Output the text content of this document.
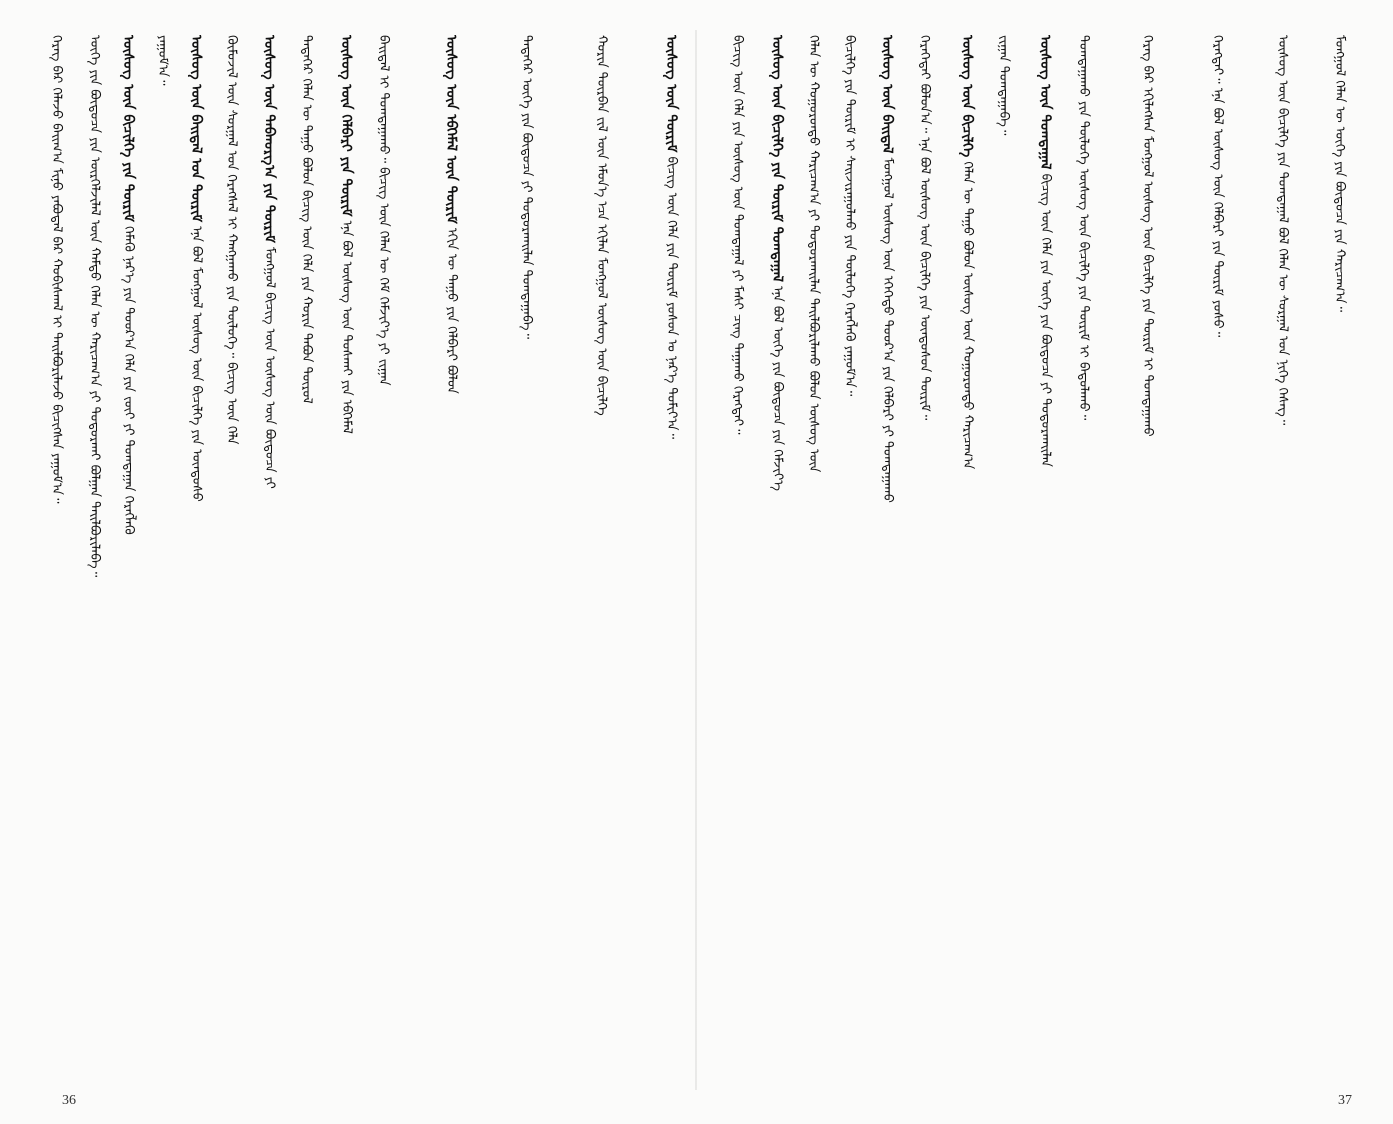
ᠬᠡᠷᠡᠭ ᠪᠡᠷ ᠬᠡᠯᠡᠵᠦ ᠪᠠᠢᠭ᠎ᠠ ᠮᠢᠨᠦ ᠶᠠᠪᠤᠳᠠᠯ ᠪᠡᠷ ᠬᠤᠪᠢᠰᠬᠠᠯ ᠢ ᠲᠠᠢᠯᠪᠤᠷᠢᠯᠠᠵᠤ ᠪᠢᠴᠢᠭᠰᠡᠨ ᠶᠠᠭᠤᠮ᠎ᠠ᠃	ᠦᠭᠡ ᠶᠢᠨ ᠪᠦᠲᠦᠴᠡ ᠶᠢᠨ ᠦᠷᠭᠡᠯᠵᠢᠯᠡᠯ ᠦᠨ ᠬᠠᠮᠲᠤ ᠬᠡᠯᠡᠨ ᠦ ᠬᠠᠷᠢᠴᠠᠭ᠎ᠠ ᠶᠢ ᠲᠣᠳᠤᠷᠬᠠᠢ ᠪᠣᠯᠭᠠᠨ ᠲᠠᠢᠯᠪᠤᠷᠢᠯᠠᠪᠠ᠃ ᠦᠰᠦᠭ ᠦᠨ ᠪᠢᠴᠢᠯᠭᠡ ᠶᠢᠨ ᠳᠦᠷᠢᠮ ᠬᠡᠮᠡᠬᠦ ᠨᠡᠷ᠎ᠡ ᠶᠢᠨ ᠳᠣᠣᠷ᠎ᠠ ᠬᠡᠯᠡ ᠶᠢᠨ ᠵᠦᠢ ᠶᠢ ᠲᠣᠭᠲᠠᠭᠠᠨ ᠬᠡᠷᠡᠭᠯᠡᠬᠦ
ᠶᠠᠭᠤᠮ᠎ᠠ᠃ ᠦᠰᠦᠭ ᠦᠨ ᠪᠠᠢᠳᠠᠯ ᠤᠨ ᠳᠦᠷᠢᠮ ᠡᠨᠡ ᠪᠣᠯ ᠮᠣᠩᠭᠣᠯ ᠦᠰᠦᠭ ᠦᠨ ᠪᠢᠴᠢᠯᠭᠡ ᠶᠢᠨ ᠦᠨᠳᠦᠰᠦ	ᠬᠦᠮᠦᠵᠢᠯ ᠦᠨ ᠰᠤᠷᠭᠠᠯ ᠤᠨ ᠬᠡᠷᠡᠭᠰᠡᠯ ᠢ ᠬᠠᠩᠭᠠᠬᠤ ᠶᠢᠨ ᠲᠥᠯᠦᠭᠡ᠃ ᠪᠢᠴᠢᠭ᠌ ᠦᠨ ᠬᠡᠯᠡ ᠦᠰᠦᠭ ᠦᠨ ᠳᠠᠪᠬᠤᠷᠭ᠎ᠠ ᠶᠢᠨ ᠳᠦᠷᠢᠮ ᠮᠣᠩᠭᠣᠯ ᠪᠢᠴᠢᠭ᠌ ᠦᠨ ᠦᠰᠦᠭ ᠦᠨ ᠪᠦᠲᠦᠴᠡ ᠶᠢ	ᠲᠡᠳᠡᠭᠡᠷ ᠬᠡᠯᠡᠨ ᠦ ᠳᠠᠭᠤ ᠪᠣᠯᠤᠨ ᠪᠢᠴᠢᠭ᠌ ᠦᠨ ᠬᠡᠯᠡ ᠶᠢᠨ ᠬᠣᠷᠢᠨ ᠲᠠᠪᠤᠨ ᠲᠦᠷᠦᠯ ᠦᠰᠦᠭ ᠦᠨ ᠬᠡᠯᠪᠡᠷᠢ ᠶᠢᠨ ᠳᠦᠷᠢᠮ ᠡᠨᠡ ᠪᠣᠯ ᠦᠰᠦᠭ ᠦᠨ ᠲᠤᠰᠬᠠᠢ ᠶᠢᠨ ᠡᠪᠬᠡᠮᠡᠯ	ᠪᠠᠢᠳᠠᠯ ᠢ ᠲᠣᠭᠲᠠᠭᠠᠬᠤ᠃ ᠪᠢᠴᠢᠭ᠌ ᠦᠨ ᠬᠡᠯᠡᠨ ᠦ ᠬᠡᠮ ᠬᠡᠮᠵᠢᠶ᠎ᠡ ᠶᠢ ᠵᠢᠭᠠᠨ	ᠦᠰᠦᠭ ᠦᠨ ᠡᠪᠬᠡᠮᠡᠯ ᠦᠨ ᠳᠦᠷᠢᠮ ᠡᠬᠢᠨ ᠦ ᠳᠠᠭᠤ ᠶᠢᠨ ᠬᠡᠯᠪᠡᠷᠢ ᠪᠣᠯᠤᠨ	ᠲᠡᠳᠡᠭᠡᠷ ᠦᠭᠡ ᠶᠢᠨ ᠪᠦᠲᠦᠴᠡ ᠶᠢ ᠲᠣᠳᠤᠷᠬᠠᠢᠯᠠᠨ ᠲᠣᠭᠲᠠᠭᠠᠪᠠ᠃	ᠬᠣᠷᠢᠨ ᠳᠦᠷᠪᠡᠨ ᠵᠢᠯ ᠦᠨ ᠡᠮᠦᠨ᠎ᠡ ᠡᠴᠡ ᠡᠬᠢᠯᠡᠨ ᠮᠣᠩᠭᠣᠯ ᠦᠰᠦᠭ ᠦᠨ ᠪᠢᠴᠢᠯᠭᠡ	ᠦᠰᠦᠭ ᠦᠨ ᠳᠦᠷᠢᠮ ᠪᠢᠴᠢᠭ᠌ ᠦᠨ ᠬᠡᠯᠡ ᠶᠢᠨ ᠳᠦᠷᠢᠮ ᠶᠣᠰᠤᠨ ᠤ ᠨᠡᠷ᠎ᠡ ᠲᠣᠮᠢᠶ᠎ᠠ᠃
36
ᠪᠢᠴᠢᠭ᠌ ᠦᠨ ᠬᠡᠯᠡ ᠶᠢᠨ ᠦᠰᠦᠭ ᠦᠨ ᠲᠣᠭᠲᠠᠭᠠᠯ ᠶᠢ ᠮᠠᠰᠢ ᠴᠢᠩ ᠳᠠᠭᠠᠬᠤ ᠬᠡᠷᠡᠭᠲᠡᠢ᠃ ᠦᠰᠦᠭ ᠦᠨ ᠪᠢᠴᠢᠯᠭᠡ ᠶᠢᠨ ᠳᠦᠷᠢᠮ ᠲᠣᠭᠲᠠᠭᠠᠯ ᠡᠨᠡ ᠪᠣᠯ ᠦᠭᠡ ᠶᠢᠨ ᠪᠦᠲᠦᠴᠡ ᠶᠢᠨ ᠬᠡᠮᠵᠢᠶ᠎ᠡ	ᠬᠡᠯᠡᠨ ᠦ ᠬᠣᠭᠣᠷᠤᠨᠳᠤ ᠬᠠᠷᠢᠴᠠᠭ᠎ᠠ ᠶᠢ ᠲᠣᠳᠤᠷᠬᠠᠢᠯᠠᠨ ᠲᠠᠢᠯᠪᠤᠷᠢᠯᠠᠬᠤ ᠪᠣᠯᠤᠨ ᠦᠰᠦᠭ ᠦᠨ	ᠪᠢᠴᠢᠯᠭᠡ ᠶᠢᠨ ᠳᠦᠷᠢᠮ ᠢ ᠰᠠᠢᠵᠢᠷᠠᠭᠤᠯᠬᠤ ᠶᠢᠨ ᠲᠥᠯᠦᠭᠡ ᠬᠡᠷᠡᠭᠯᠡᠬᠦ ᠶᠠᠭᠤᠮ᠎ᠠ᠃ ᠦᠰᠦᠭ ᠦᠨ ᠪᠠᠢᠳᠠᠯ ᠮᠣᠩᠭᠣᠯ ᠦᠰᠦᠭ ᠦᠨ ᠡᠭᠡᠭᠡᠳᠦ ᠳᠣᠣᠷ᠎ᠠ ᠶᠢᠨ ᠬᠡᠯᠪᠡᠷᠢ ᠶᠢ ᠲᠣᠭᠲᠠᠭᠠᠬᠤ	ᠬᠡᠷᠡᠭᠡᠲᠡᠢ ᠪᠣᠯᠤᠨ᠎ᠠ᠃ ᠡᠨᠡ ᠪᠣᠯ ᠦᠰᠦᠭ ᠦᠨ ᠪᠢᠴᠢᠯᠭᠡ ᠶᠢᠨ ᠦᠨᠳᠦᠰᠦᠨ ᠳᠦᠷᠢᠮ᠃ ᠦᠰᠦᠭ ᠦᠨ ᠪᠢᠴᠢᠯᠭᠡ ᠬᠡᠯᠡᠨ ᠦ ᠳᠠᠭᠤ ᠪᠣᠯᠤᠨ ᠦᠰᠦᠭ ᠦᠨ ᠬᠣᠭᠣᠷᠤᠨᠳᠤ ᠬᠠᠷᠢᠴᠠᠭ᠎ᠠ
ᠵᠢᠭᠠᠨ ᠲᠣᠭᠲᠠᠭᠠᠪᠠ᠃ ᠦᠰᠦᠭ ᠦᠨ ᠲᠣᠭᠲᠠᠭᠠᠯ ᠪᠢᠴᠢᠭ᠌ ᠦᠨ ᠬᠡᠯᠡ ᠶᠢᠨ ᠦᠭᠡ ᠶᠢᠨ ᠪᠦᠲᠦᠴᠡ ᠶᠢ ᠲᠣᠳᠤᠷᠬᠠᠢᠯᠠᠨ	ᠲᠣᠭᠲᠠᠭᠠᠬᠤ ᠶᠢᠨ ᠲᠥᠯᠦᠭᠡ ᠦᠰᠦᠭ ᠦᠨ ᠪᠢᠴᠢᠯᠭᠡ ᠶᠢᠨ ᠳᠦᠷᠢᠮ ᠢ ᠪᠠᠲᠤᠯᠠᠬᠤ᠃	ᠬᠡᠷᠡᠭ ᠪᠡᠷ ᠡᠬᠢᠯᠡᠭᠰᠡᠨ ᠮᠣᠩᠭᠣᠯ ᠦᠰᠦᠭ ᠦᠨ ᠪᠢᠴᠢᠯᠭᠡ ᠶᠢᠨ ᠳᠦᠷᠢᠮ ᠢ ᠲᠣᠭᠲᠠᠭᠠᠬᠤ	ᠬᠡᠷᠡᠭᠲᠡᠢ᠃ ᠡᠨᠡ ᠪᠣᠯ ᠦᠰᠦᠭ ᠦᠨ ᠬᠡᠯᠪᠡᠷᠢ ᠶᠢᠨ ᠳᠦᠷᠢᠮ ᠶᠣᠰᠤ᠃	ᠦᠰᠦᠭ ᠦᠨ ᠪᠢᠴᠢᠯᠭᠡ ᠶᠢᠨ ᠲᠣᠭᠲᠠᠭᠠᠯ ᠪᠣᠯ ᠬᠡᠯᠡᠨ ᠦ ᠰᠤᠷᠭᠠᠯ ᠤᠨ ᠨᠢᠭᠡ ᠬᠡᠰᠡᠭ᠃	ᠮᠣᠩᠭᠣᠯ ᠬᠡᠯᠡᠨ ᠦ ᠦᠭᠡ ᠶᠢᠨ ᠪᠦᠲᠦᠴᠡ ᠶᠢᠨ ᠬᠠᠷᠢᠴᠠᠭ᠎ᠠ᠃
37
